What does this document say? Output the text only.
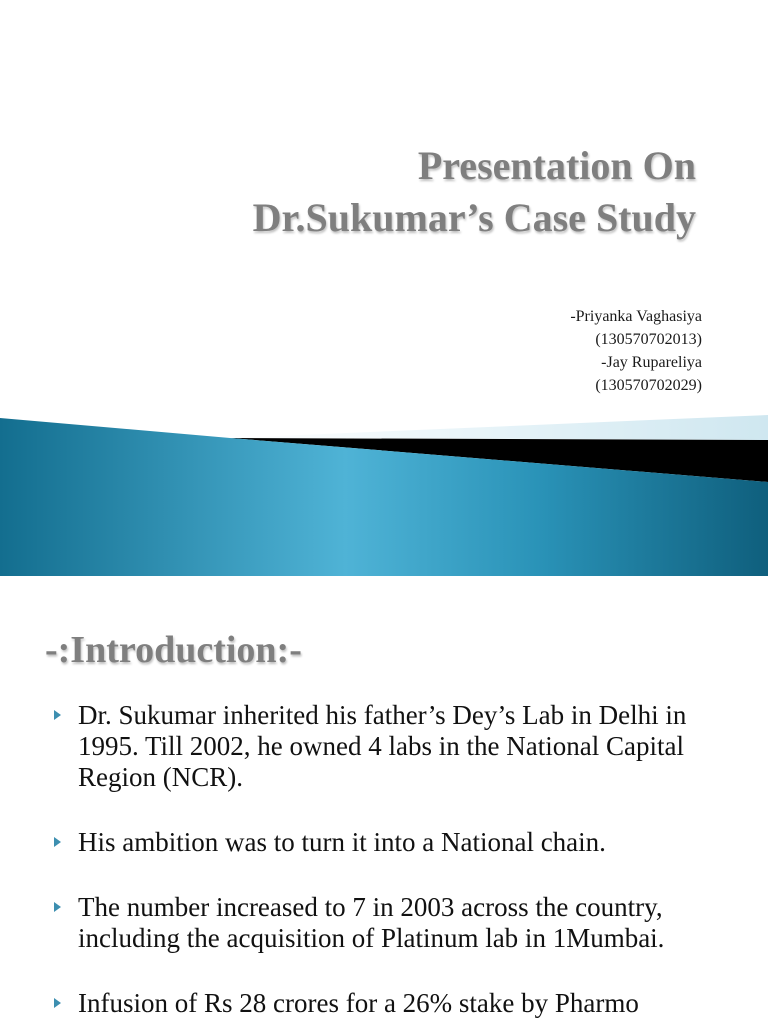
Presentation On
Dr.Sukumar’s Case Study
-Priyanka Vaghasiya
(130570702013)
-Jay Rupareliya
(130570702029)
-:Introduction:-
Dr. Sukumar inherited his father’s Dey’s Lab in Delhi in 1995. Till 2002, he owned 4 labs in the National Capital Region (NCR).
His ambition was to turn it into a National chain.
The number increased to 7 in 2003 across the country, including the acquisition of Platinum lab in 1Mumbai.
Infusion of Rs 28 crores for a 26% stake by Pharmo
